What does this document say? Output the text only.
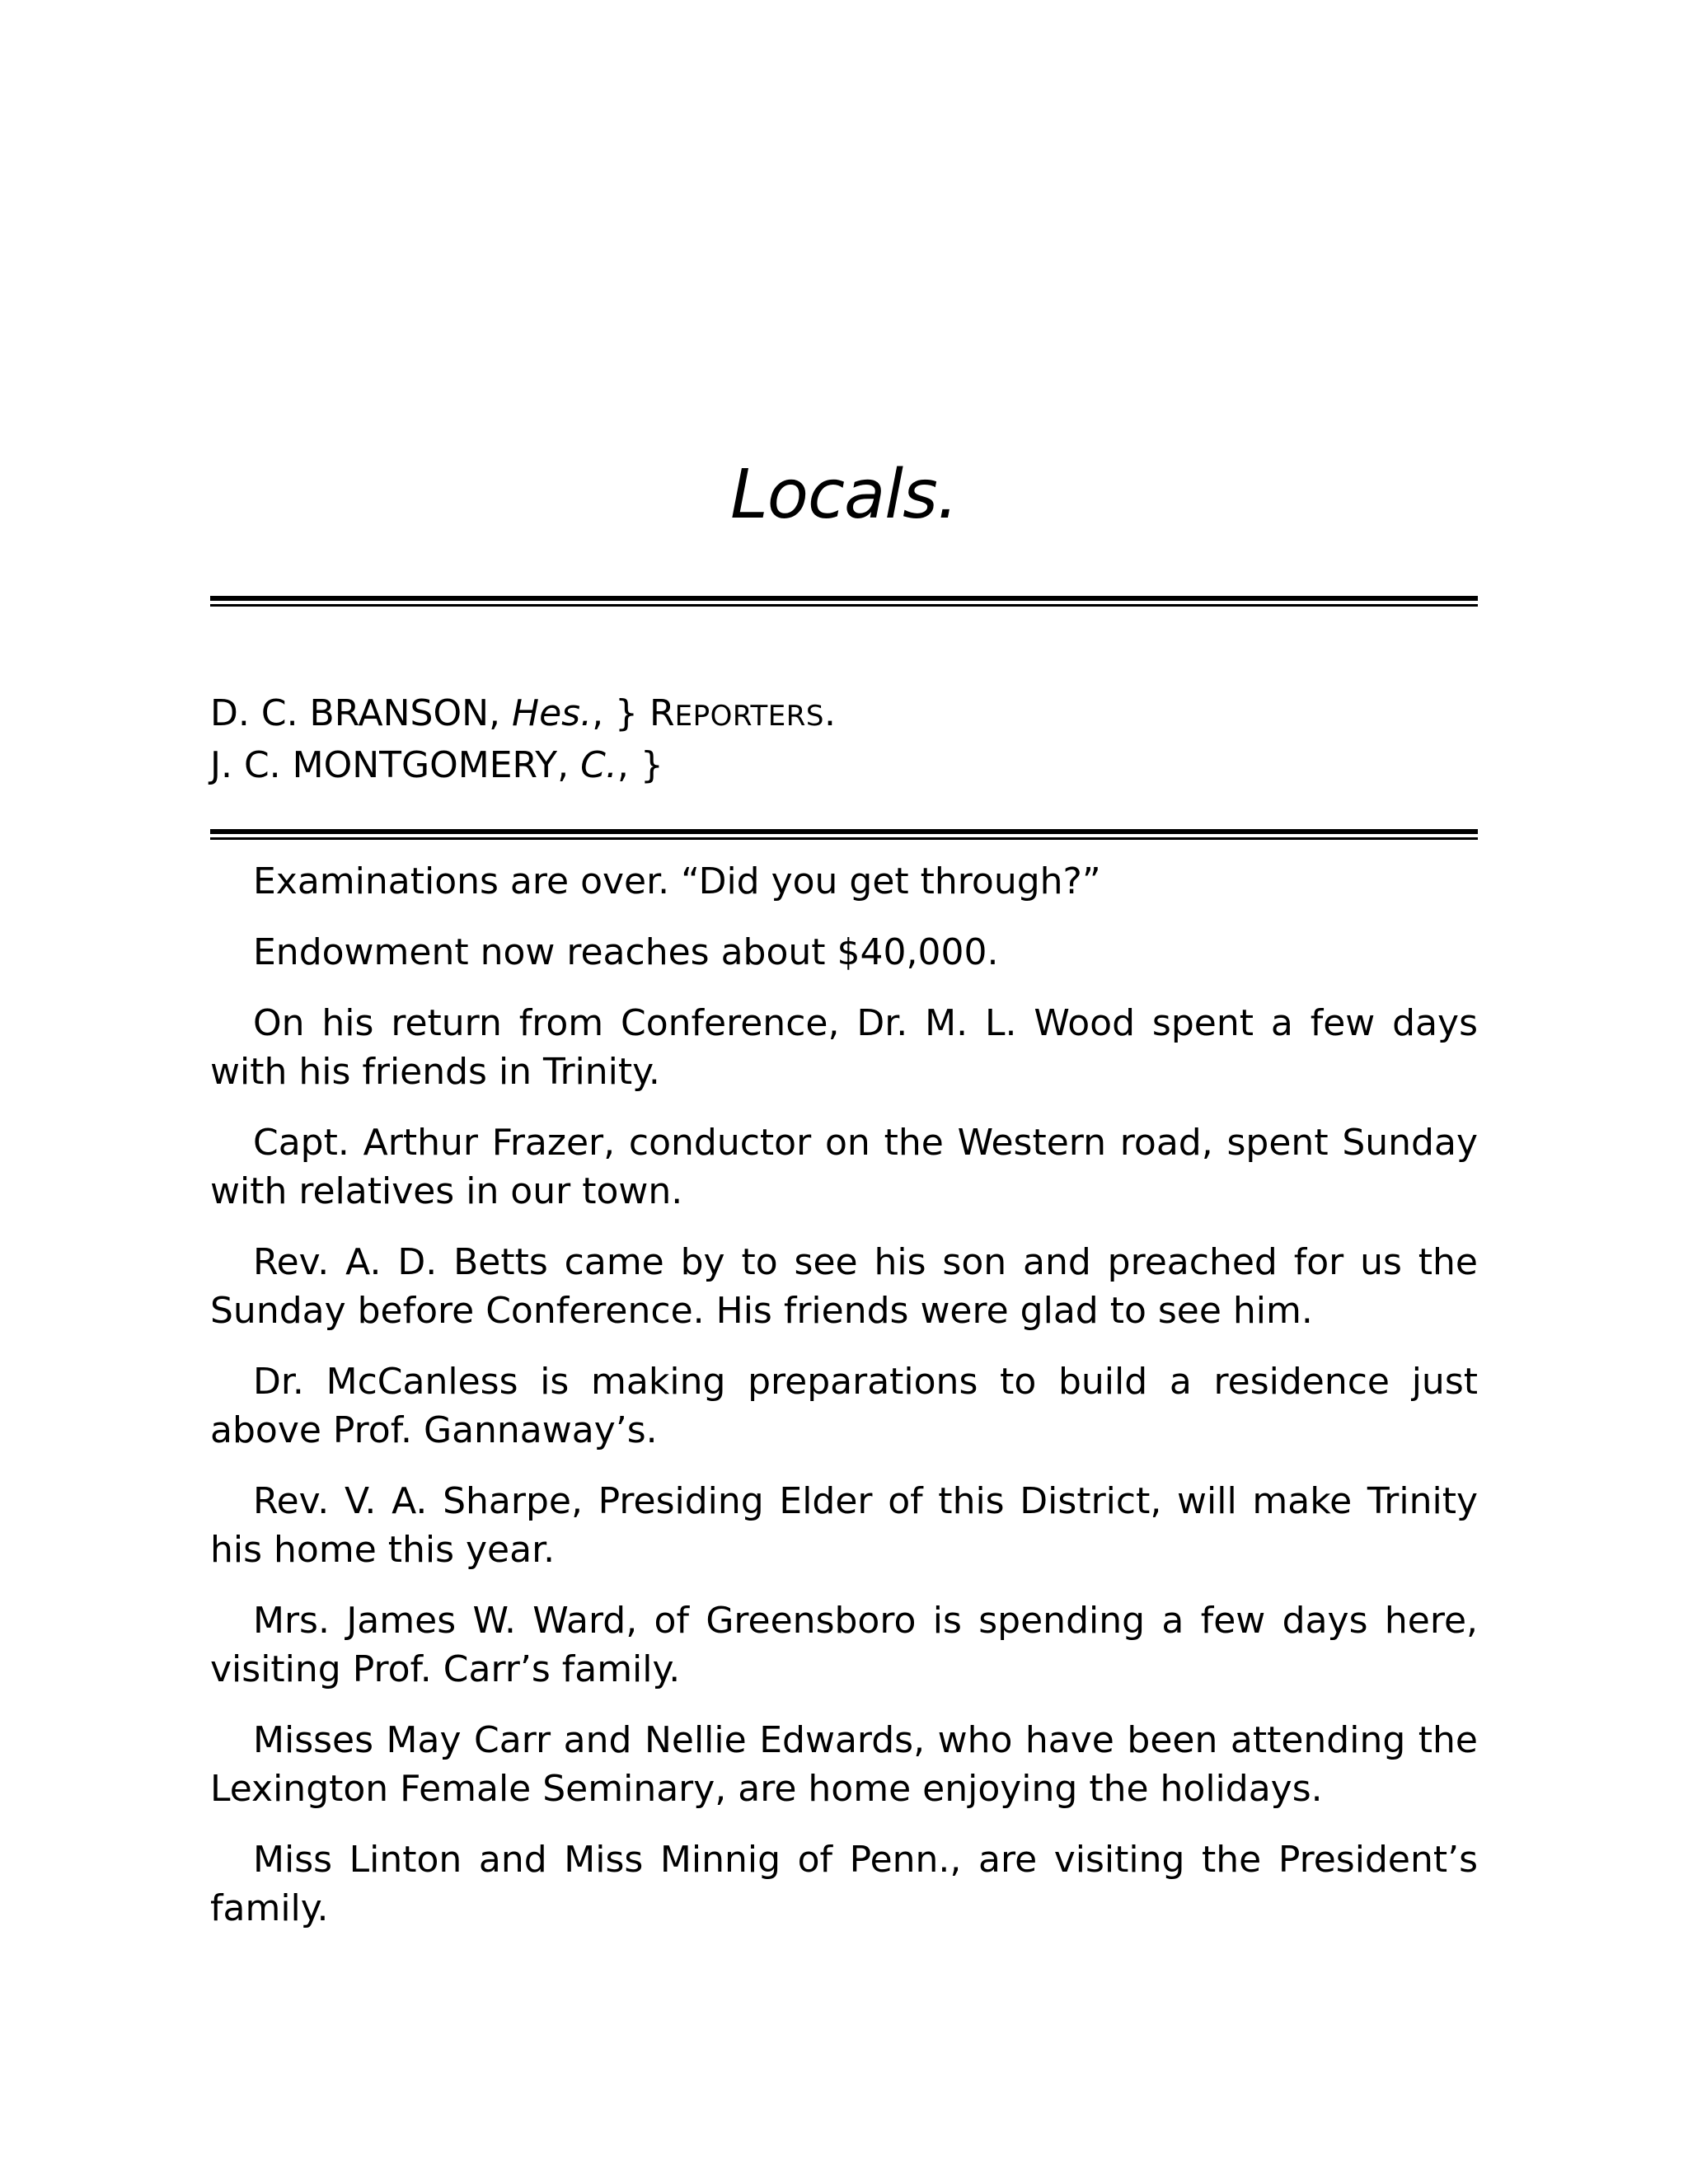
Locals.
D. C. BRANSON, Hes., } REPORTERS.
J. C. MONTGOMERY, C., }

Examinations are over. “Did you get through?”

Endowment now reaches about $40,000.

On his return from Conference, Dr. M. L. Wood spent a few days with his friends in Trinity.

Capt. Arthur Frazer, conductor on the Western road, spent Sunday with relatives in our town.

Rev. A. D. Betts came by to see his son and preached for us the Sunday before Conference. His friends were glad to see him.

Dr. McCanless is making preparations to build a residence just above Prof. Gannaway’s.

Rev. V. A. Sharpe, Presiding Elder of this District, will make Trinity his home this year.

Mrs. James W. Ward, of Greensboro is spending a few days here, visiting Prof. Carr’s family.

Misses May Carr and Nellie Edwards, who have been attending the Lexington Female Seminary, are home enjoying the holidays.

Miss Linton and Miss Minnig of Penn., are visiting the President’s family.
